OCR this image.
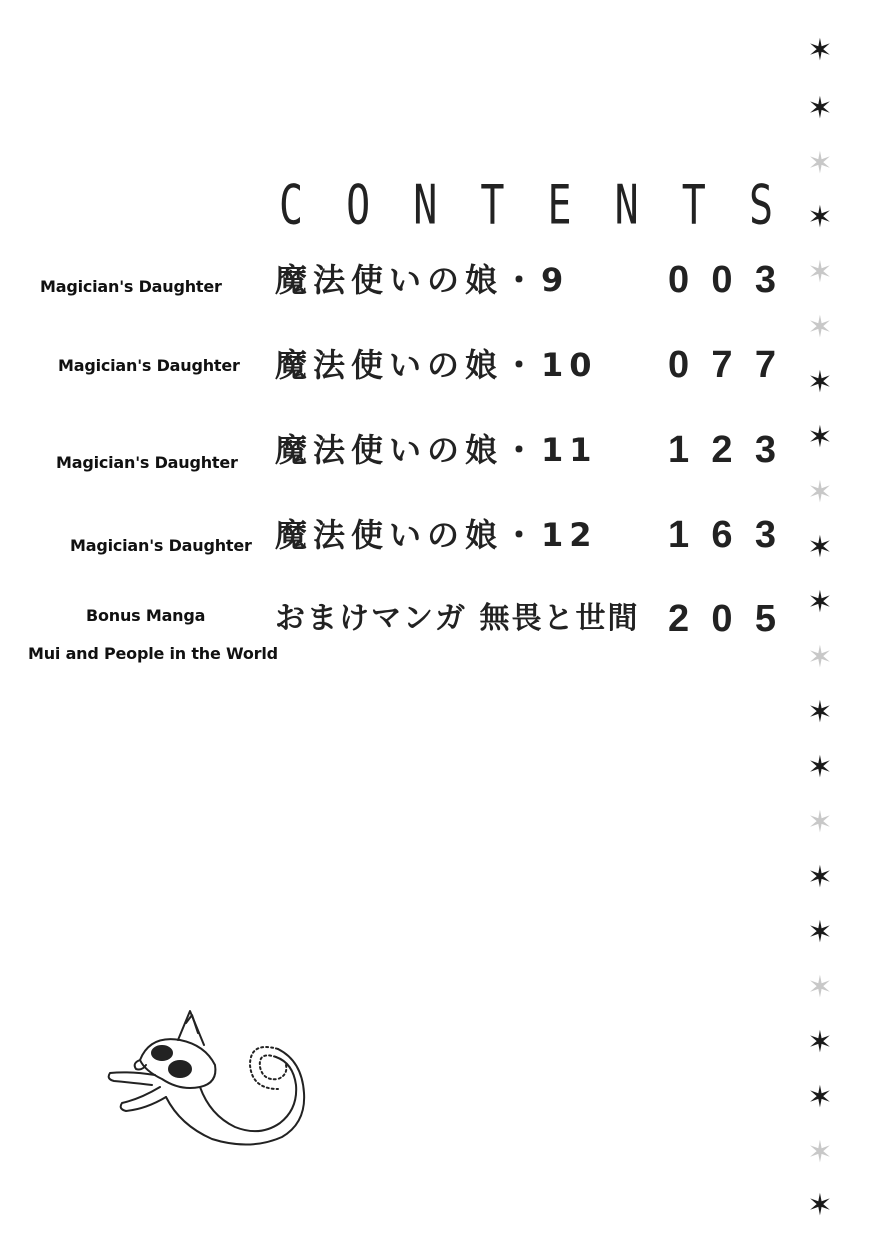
C O N T E N T S
Magician's Daughter 魔法使いの娘・9	0 0 3
Magician's Daughter 魔法使いの娘・10 0 7 7
Magician's Daughter 魔法使いの娘・11 1 2 3
Magician's Daughter 魔法使いの娘・12 1 6 3
Bonus Manga
Mui and People in the World
おまけマンガ 無畏と世間 2 0 5
✶
✶
✶
✶
✶
✶
✶
✶
✶
✶
✶
✶
✶
✶
✶
✶
✶
✶
✶
✶
✶
✶
